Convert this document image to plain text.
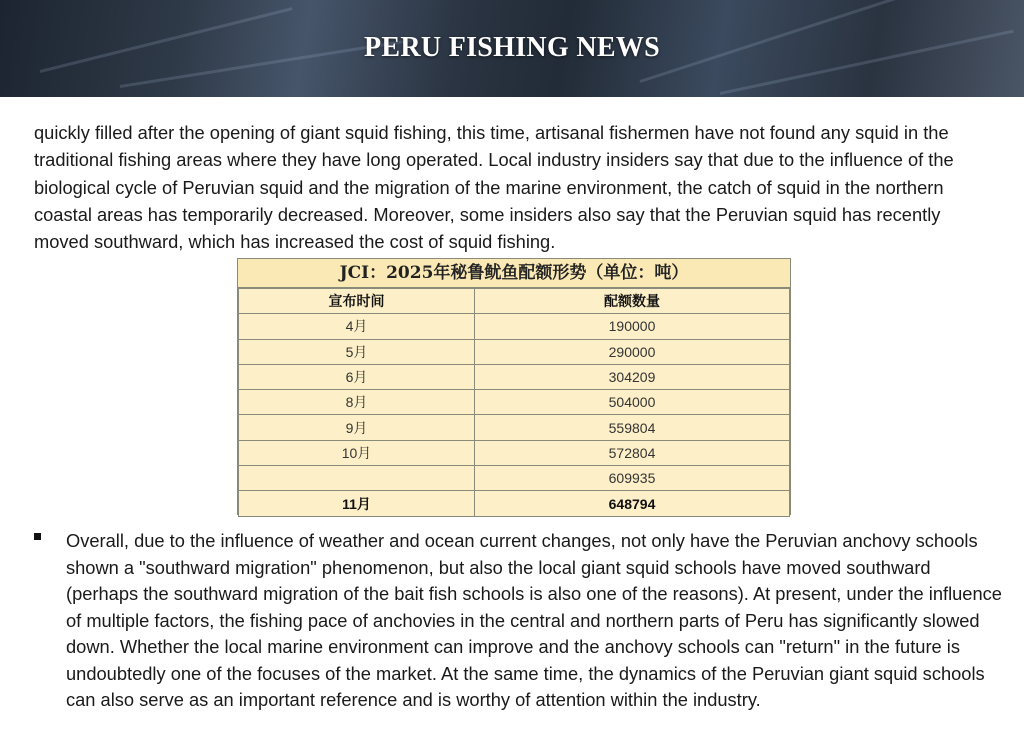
PERU FISHING NEWS

quickly filled after the opening of giant squid fishing, this time, artisanal fishermen have not found any squid in the traditional fishing areas where they have long operated. Local industry insiders say that due to the influence of the biological cycle of Peruvian squid and the migration of the marine environment, the catch of squid in the northern coastal areas has temporarily decreased. Moreover, some insiders also say that the Peruvian squid has recently moved southward, which has increased the cost of squid fishing.

JCI：2025年秘鲁鱿鱼配额形势（单位：吨）
宣布时间	配额数量
4月	190000
5月	290000
6月	304209
8月	504000
9月	559804
10月	572804
	609935
11月	648794

Overall, due to the influence of weather and ocean current changes, not only have the Peruvian anchovy schools shown a "southward migration" phenomenon, but also the local giant squid schools have moved southward (perhaps the southward migration of the bait fish schools is also one of the reasons). At present, under the influence of multiple factors, the fishing pace of anchovies in the central and northern parts of Peru has significantly slowed down. Whether the local marine environment can improve and the anchovy schools can "return" in the future is undoubtedly one of the focuses of the market. At the same time, the dynamics of the Peruvian giant squid schools can also serve as an important reference and is worthy of attention within the industry.
